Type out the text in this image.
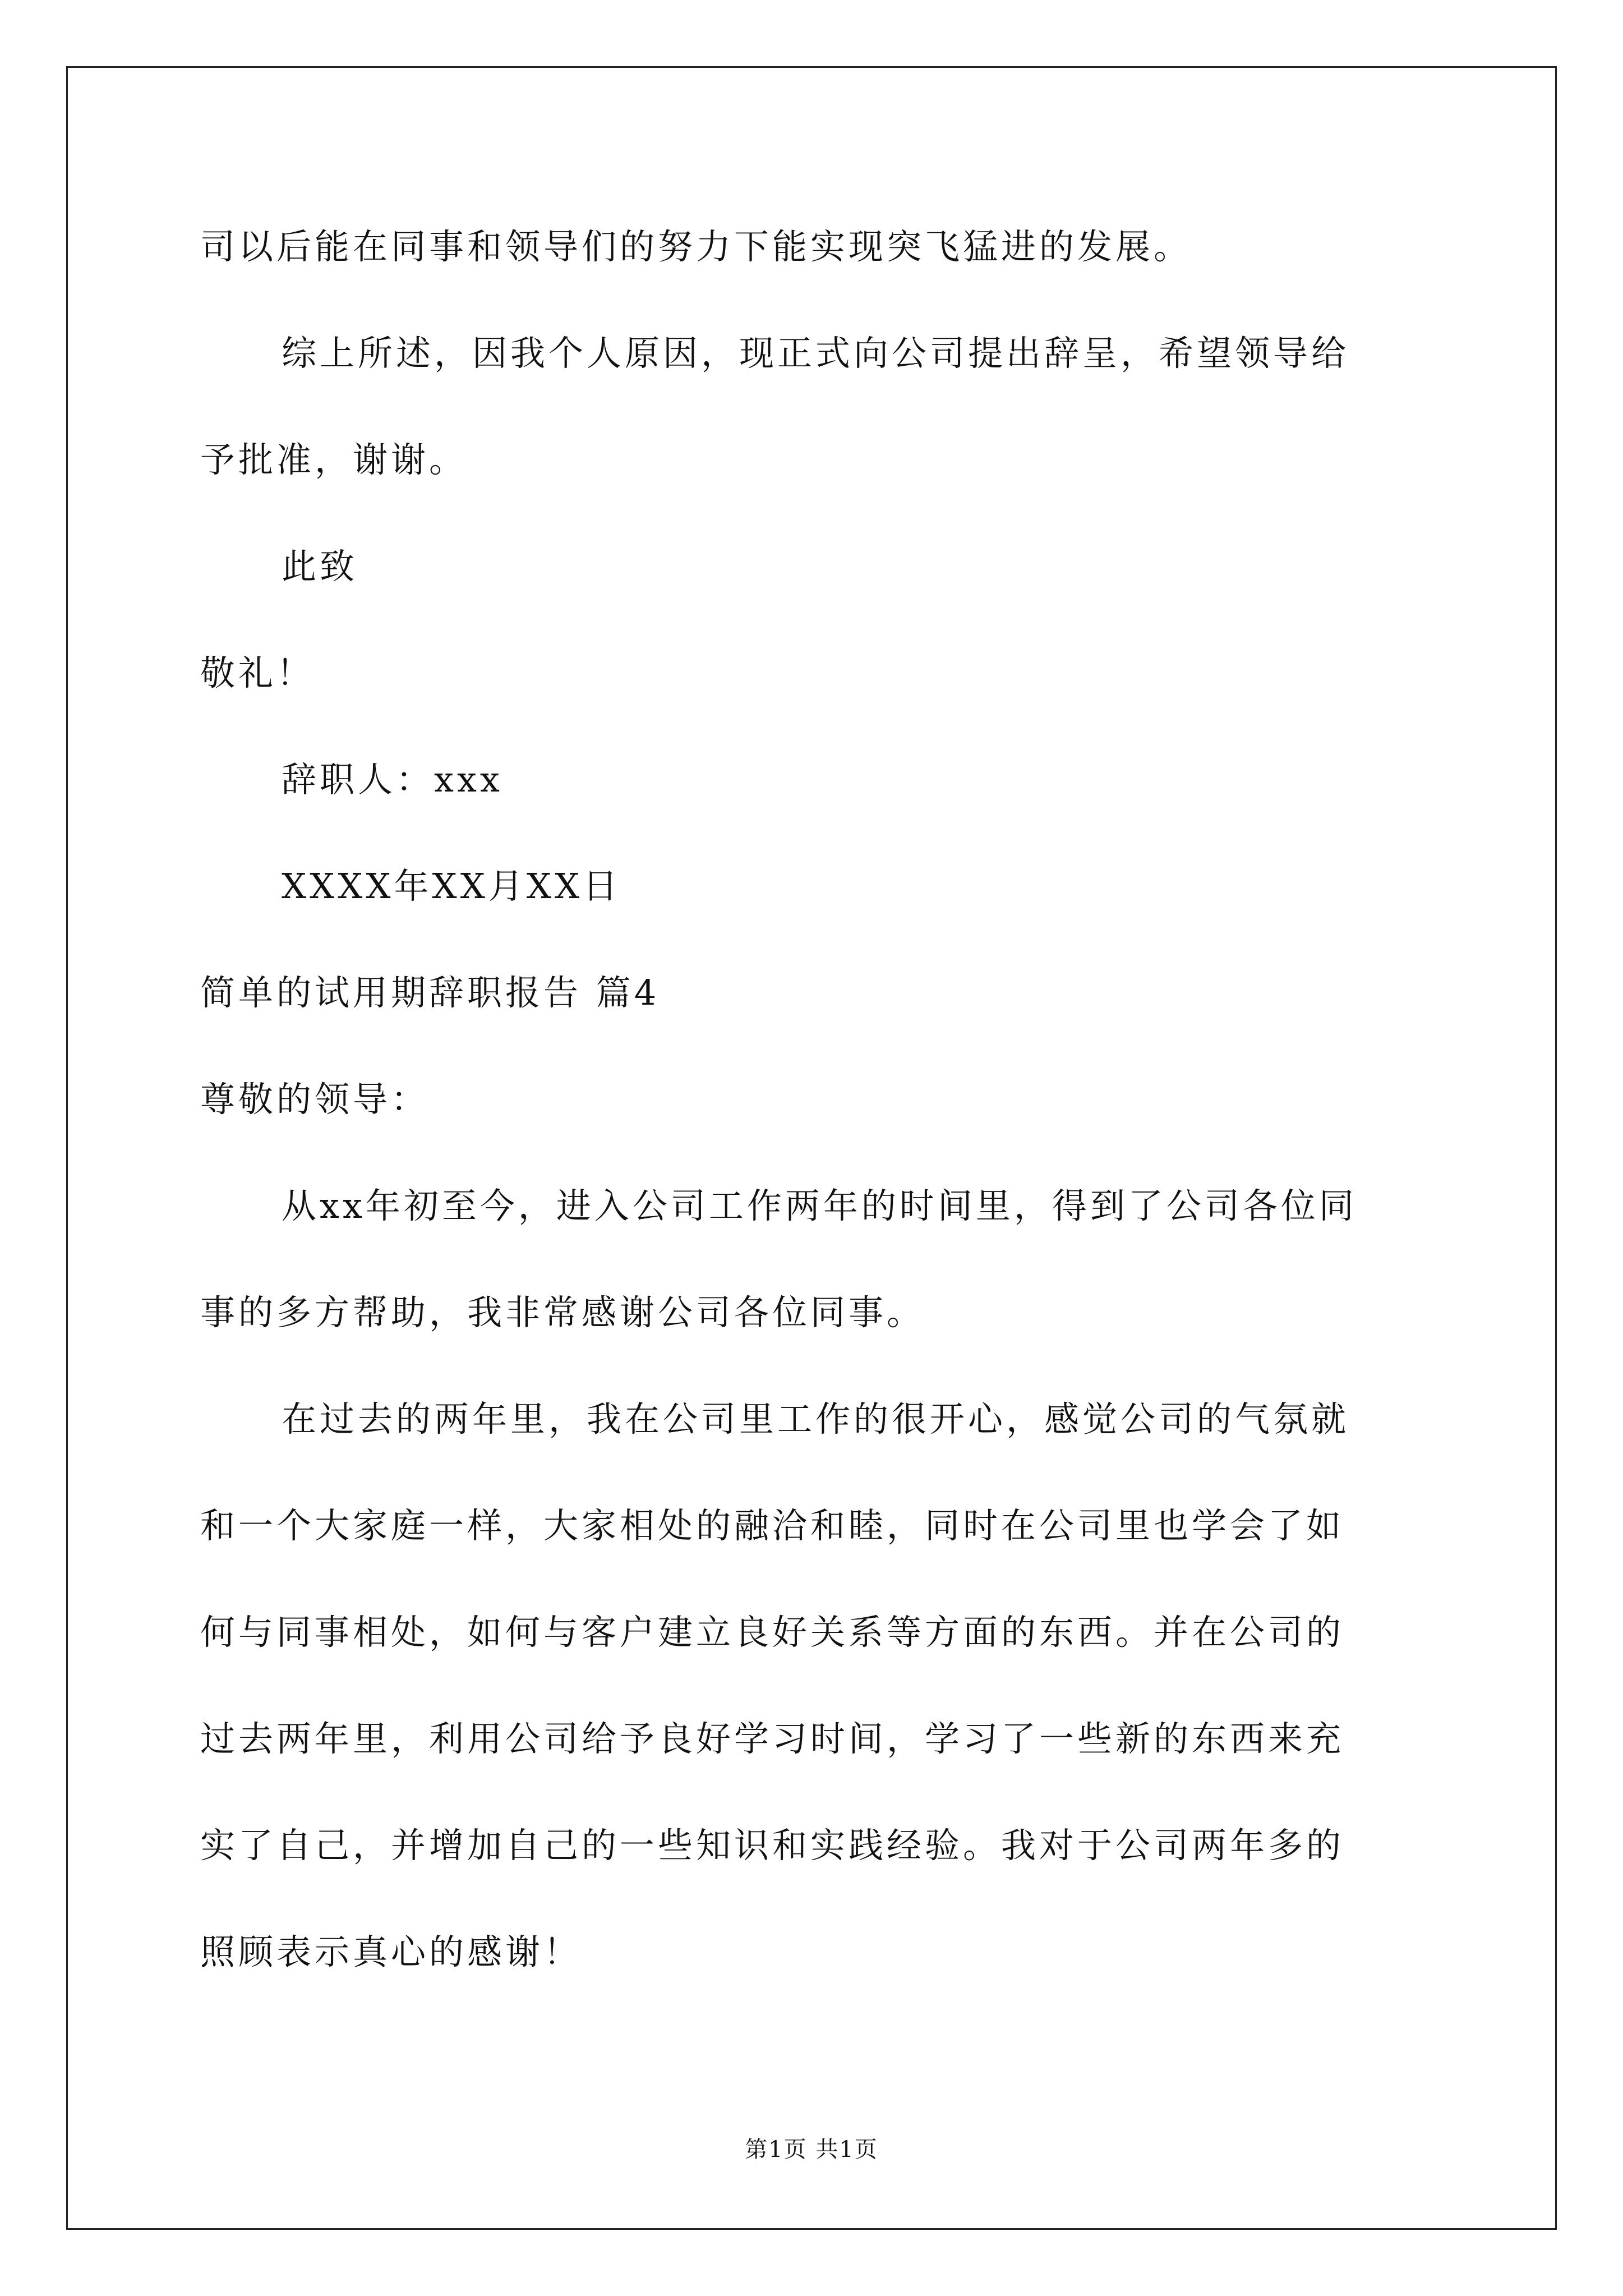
司以后能在同事和领导们的努力下能实现突飞猛进的发展。
综上所述，因我个人原因，现正式向公司提出辞呈，希望领导给
予批准，谢谢。
此致
敬礼！
辞职人：xxx
XXXX年XX月XX日
简单的试用期辞职报告 篇4
尊敬的领导：
从xx年初至今，进入公司工作两年的时间里，得到了公司各位同
事的多方帮助，我非常感谢公司各位同事。
在过去的两年里，我在公司里工作的很开心，感觉公司的气氛就
和一个大家庭一样，大家相处的融洽和睦，同时在公司里也学会了如
何与同事相处，如何与客户建立良好关系等方面的东西。并在公司的
过去两年里，利用公司给予良好学习时间，学习了一些新的东西来充
实了自己，并增加自己的一些知识和实践经验。我对于公司两年多的
照顾表示真心的感谢！
第1页 共1页
